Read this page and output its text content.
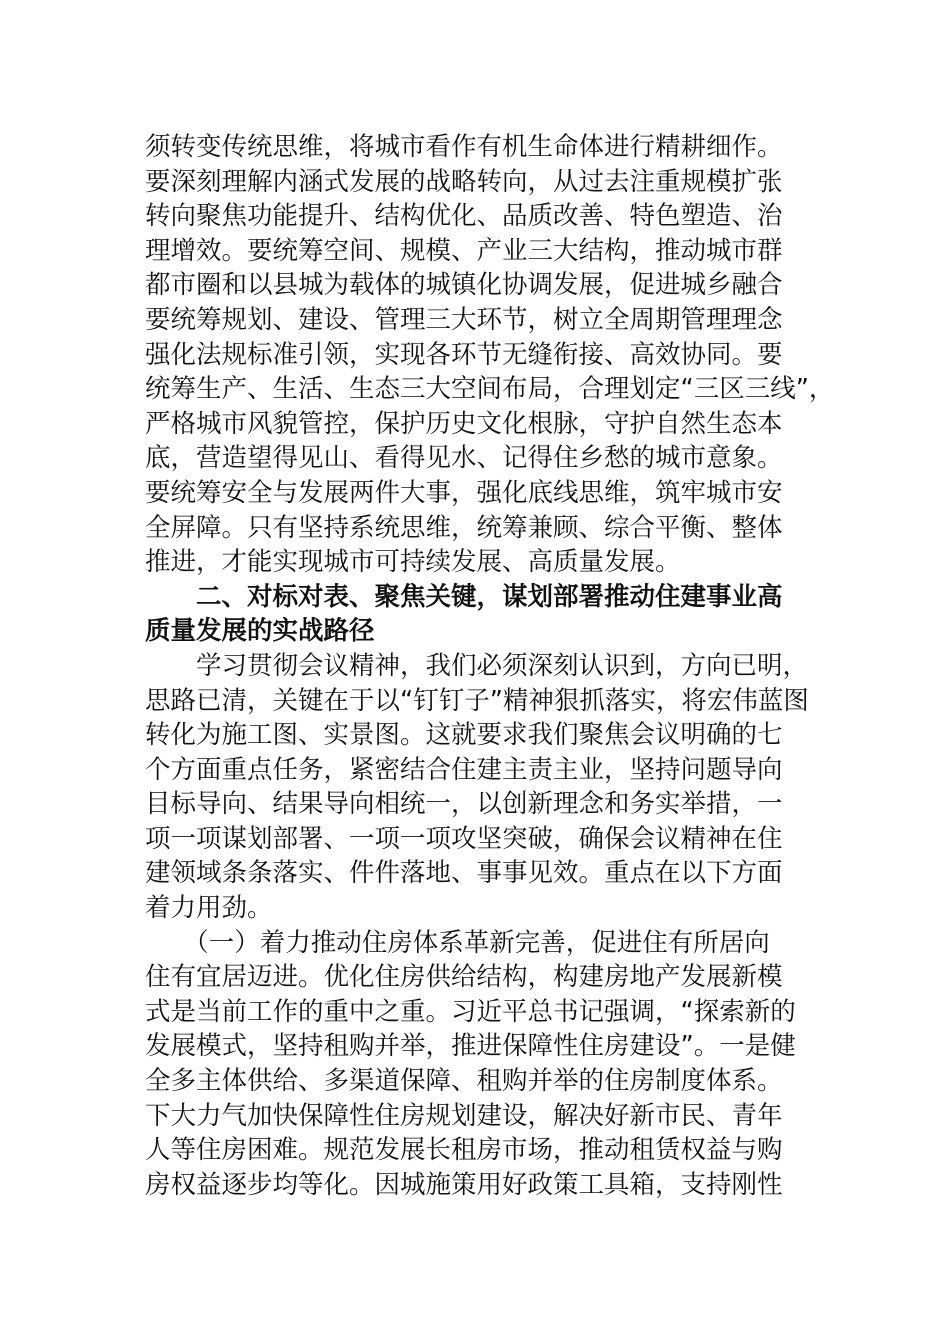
须转变传统思维，将城市看作有机生命体进行精耕细作。
要深刻理解内涵式发展的战略转向，从过去注重规模扩张
转向聚焦功能提升、结构优化、品质改善、特色塑造、治
理增效。要统筹空间、规模、产业三大结构，推动城市群
都市圈和以县城为载体的城镇化协调发展，促进城乡融合
要统筹规划、建设、管理三大环节，树立全周期管理理念
强化法规标准引领，实现各环节无缝衔接、高效协同。要
统筹生产、生活、生态三大空间布局，合理划定“三区三线”，
严格城市风貌管控，保护历史文化根脉，守护自然生态本
底，营造望得见山、看得见水、记得住乡愁的城市意象。
要统筹安全与发展两件大事，强化底线思维，筑牢城市安
全屏障。只有坚持系统思维，统筹兼顾、综合平衡、整体
推进，才能实现城市可持续发展、高质量发展。
　　二、对标对表、聚焦关键，谋划部署推动住建事业高
质量发展的实战路径
　　学习贯彻会议精神，我们必须深刻认识到，方向已明，
思路已清，关键在于以“钉钉子”精神狠抓落实，将宏伟蓝图
转化为施工图、实景图。这就要求我们聚焦会议明确的七
个方面重点任务，紧密结合住建主责主业，坚持问题导向
目标导向、结果导向相统一，以创新理念和务实举措，一
项一项谋划部署、一项一项攻坚突破，确保会议精神在住
建领域条条落实、件件落地、事事见效。重点在以下方面
着力用劲。
　　（一）着力推动住房体系革新完善，促进住有所居向
住有宜居迈进。优化住房供给结构，构建房地产发展新模
式是当前工作的重中之重。习近平总书记强调，“探索新的
发展模式，坚持租购并举，推进保障性住房建设”。一是健
全多主体供给、多渠道保障、租购并举的住房制度体系。
下大力气加快保障性住房规划建设，解决好新市民、青年
人等住房困难。规范发展长租房市场，推动租赁权益与购
房权益逐步均等化。因城施策用好政策工具箱，支持刚性
